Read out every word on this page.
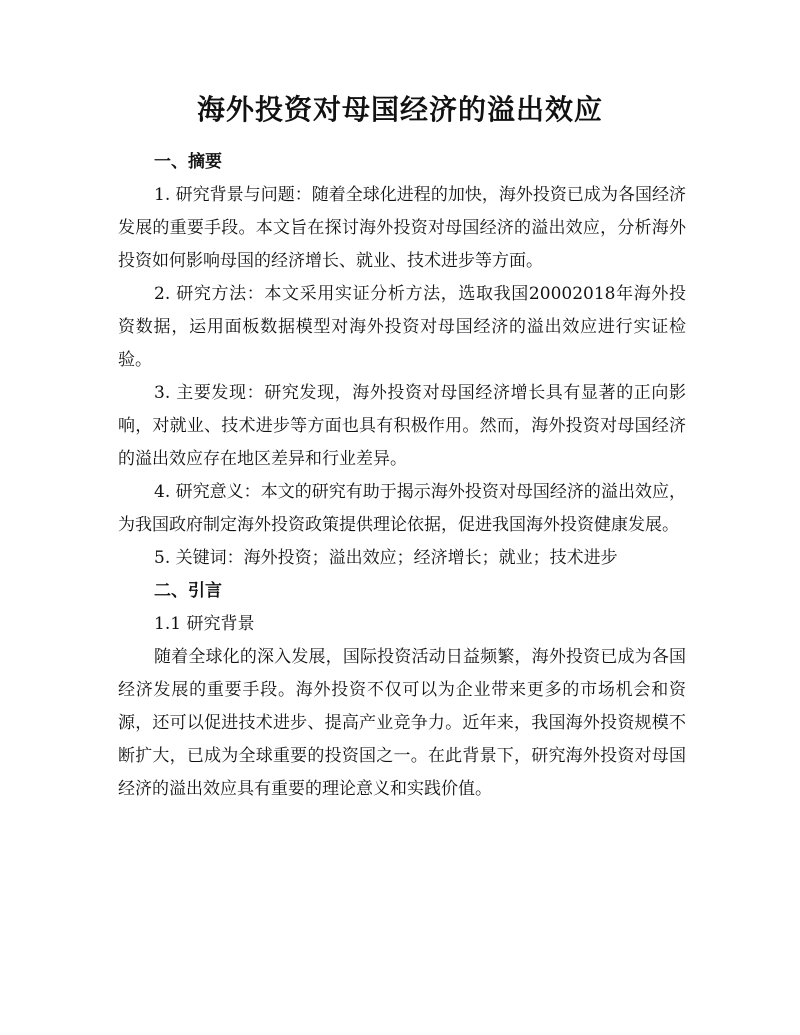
海外投资对母国经济的溢出效应

一、摘要

1. 研究背景与问题：随着全球化进程的加快，海外投资已成为各国经济发展的重要手段。本文旨在探讨海外投资对母国经济的溢出效应，分析海外投资如何影响母国的经济增长、就业、技术进步等方面。

2. 研究方法：本文采用实证分析方法，选取我国20002018年海外投资数据，运用面板数据模型对海外投资对母国经济的溢出效应进行实证检验。

3. 主要发现：研究发现，海外投资对母国经济增长具有显著的正向影响，对就业、技术进步等方面也具有积极作用。然而，海外投资对母国经济的溢出效应存在地区差异和行业差异。

4. 研究意义：本文的研究有助于揭示海外投资对母国经济的溢出效应，为我国政府制定海外投资政策提供理论依据，促进我国海外投资健康发展。

5. 关键词：海外投资；溢出效应；经济增长；就业；技术进步

二、引言

1.1 研究背景

随着全球化的深入发展，国际投资活动日益频繁，海外投资已成为各国经济发展的重要手段。海外投资不仅可以为企业带来更多的市场机会和资源，还可以促进技术进步、提高产业竞争力。近年来，我国海外投资规模不断扩大，已成为全球重要的投资国之一。在此背景下，研究海外投资对母国经济的溢出效应具有重要的理论意义和实践价值。
